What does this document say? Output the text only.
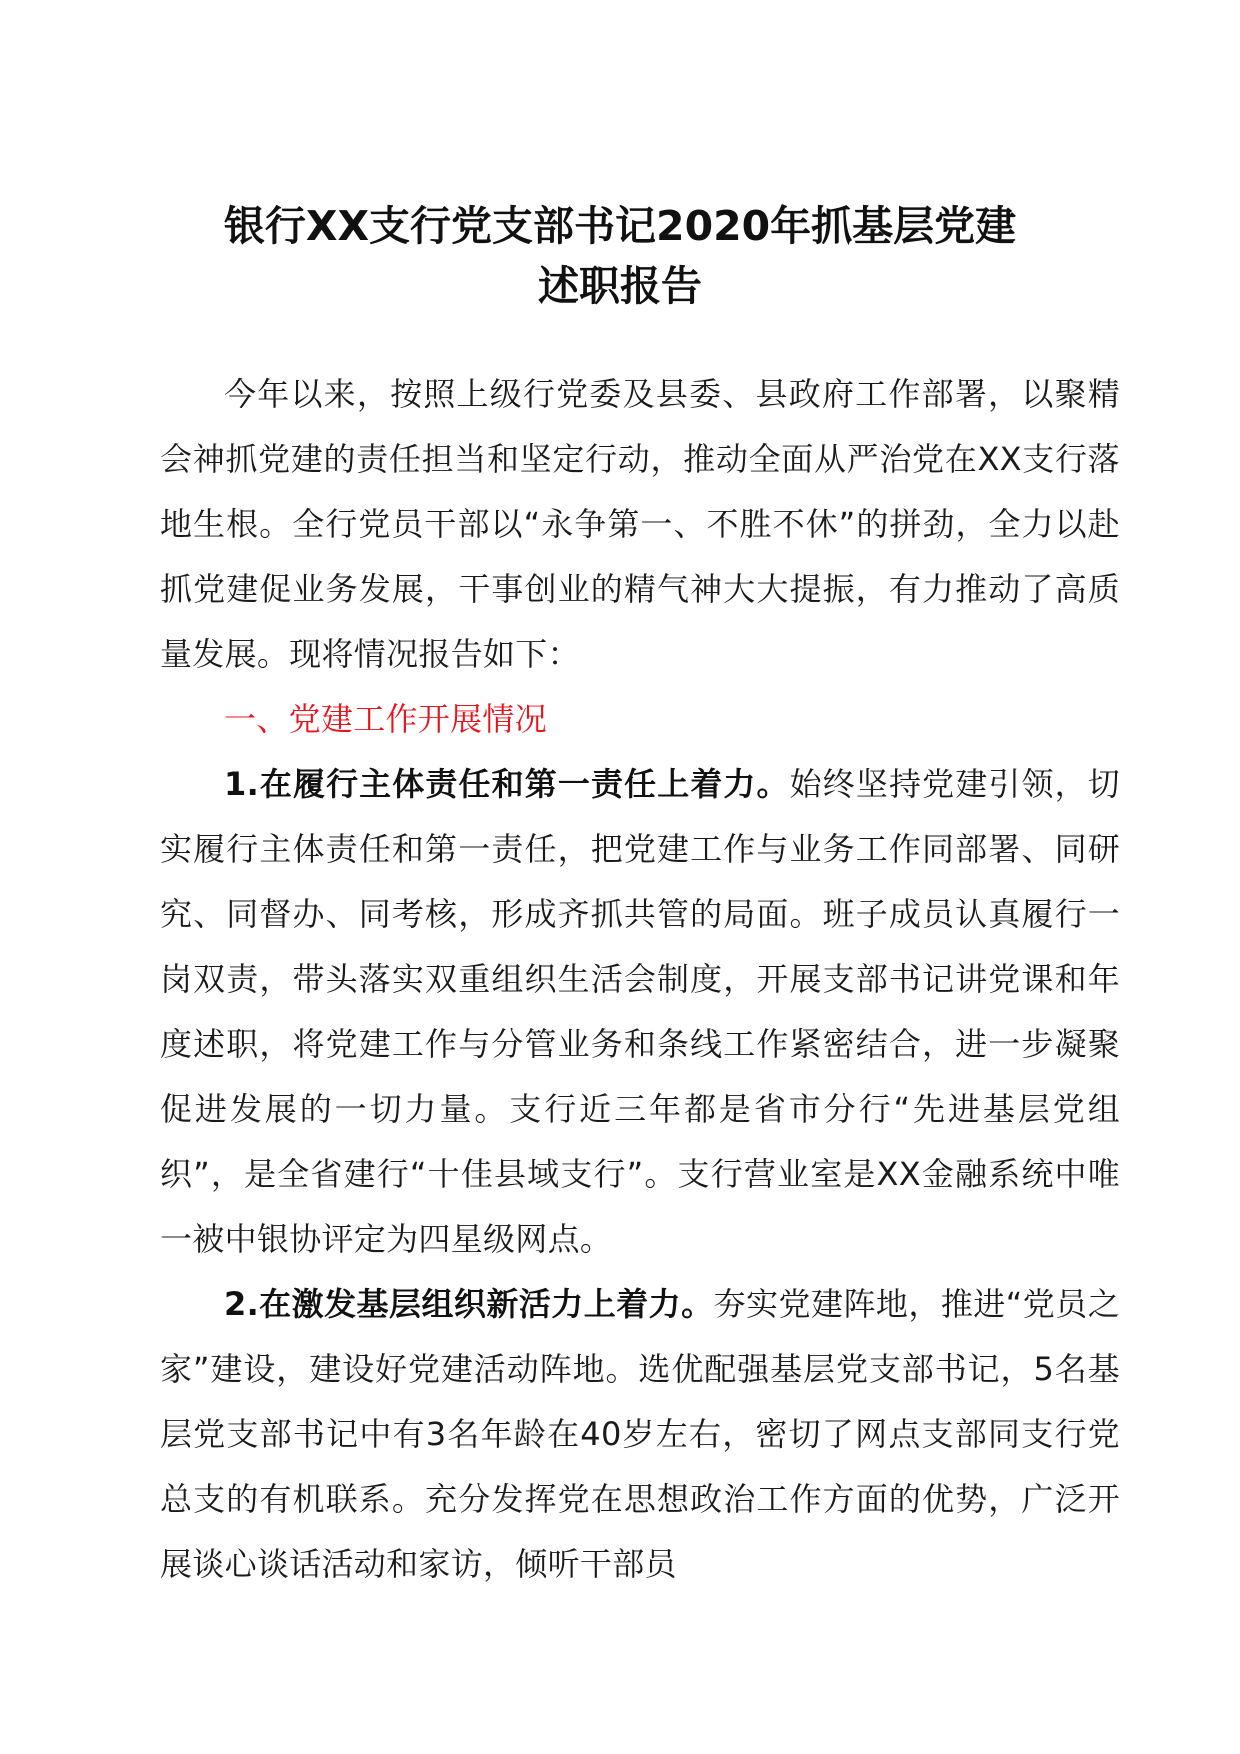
银行XX支行党支部书记2020年抓基层党建
述职报告

今年以来，按照上级行党委及县委、县政府工作部署，以聚精会神抓党建的责任担当和坚定行动，推动全面从严治党在XX支行落地生根。全行党员干部以“永争第一、不胜不休”的拼劲，全力以赴抓党建促业务发展，干事创业的精气神大大提振，有力推动了高质量发展。现将情况报告如下：

一、党建工作开展情况

1.在履行主体责任和第一责任上着力。始终坚持党建引领，切实履行主体责任和第一责任，把党建工作与业务工作同部署、同研究、同督办、同考核，形成齐抓共管的局面。班子成员认真履行一岗双责，带头落实双重组织生活会制度，开展支部书记讲党课和年度述职，将党建工作与分管业务和条线工作紧密结合，进一步凝聚促进发展的一切力量。支行近三年都是省市分行“先进基层党组织”，是全省建行“十佳县域支行”。支行营业室是XX金融系统中唯一被中银协评定为四星级网点。

2.在激发基层组织新活力上着力。夯实党建阵地，推进“党员之家”建设，建设好党建活动阵地。选优配强基层党支部书记，5名基层党支部书记中有3名年龄在40岁左右，密切了网点支部同支行党总支的有机联系。充分发挥党在思想政治工作方面的优势，广泛开展谈心谈话活动和家访，倾听干部员
